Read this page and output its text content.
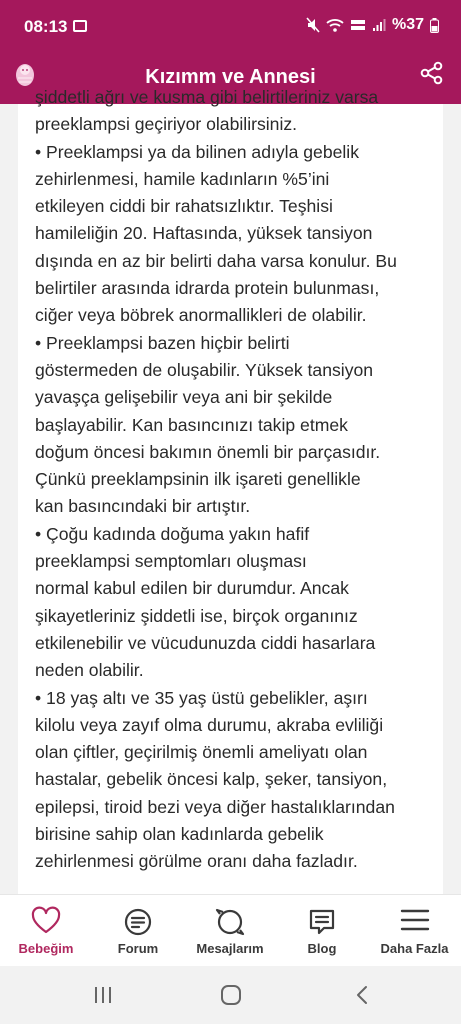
08:13	%37
Kızımm ve Annesi
şiddetli ağrı ve kusma gibi belirtileriniz varsa
preeklampsi geçiriyor olabilirsiniz.
• Preeklampsi ya da bilinen adıyla gebelik
zehirlenmesi, hamile kadınların %5’ini
etkileyen ciddi bir rahatsızlıktır. Teşhisi
hamileliğin 20. Haftasında, yüksek tansiyon
dışında en az bir belirti daha varsa konulur. Bu
belirtiler arasında idrarda protein bulunması,
ciğer veya böbrek anormallikleri de olabilir.
• Preeklampsi bazen hiçbir belirti
göstermeden de oluşabilir. Yüksek tansiyon
yavaşça gelişebilir veya ani bir şekilde
başlayabilir. Kan basıncınızı takip etmek
doğum öncesi bakımın önemli bir parçasıdır.
Çünkü preeklampsinin ilk işareti genellikle
kan basıncındaki bir artıştır.
• Çoğu kadında doğuma yakın hafif
preeklampsi semptomları oluşması
normal kabul edilen bir durumdur. Ancak
şikayetleriniz şiddetli ise, birçok organınız
etkilenebilir ve vücudunuzda ciddi hasarlara
neden olabilir.
• 18 yaş altı ve 35 yaş üstü gebelikler, aşırı
kilolu veya zayıf olma durumu, akraba evliliği
olan çiftler, geçirilmiş önemli ameliyatı olan
hastalar, gebelik öncesi kalp, şeker, tansiyon,
epilepsi, tiroid bezi veya diğer hastalıklarından
birisine sahip olan kadınlarda gebelik
zehirlenmesi görülme oranı daha fazladır.
Bebeğim	Forum	Mesajlarım	Blog	Daha Fazla
